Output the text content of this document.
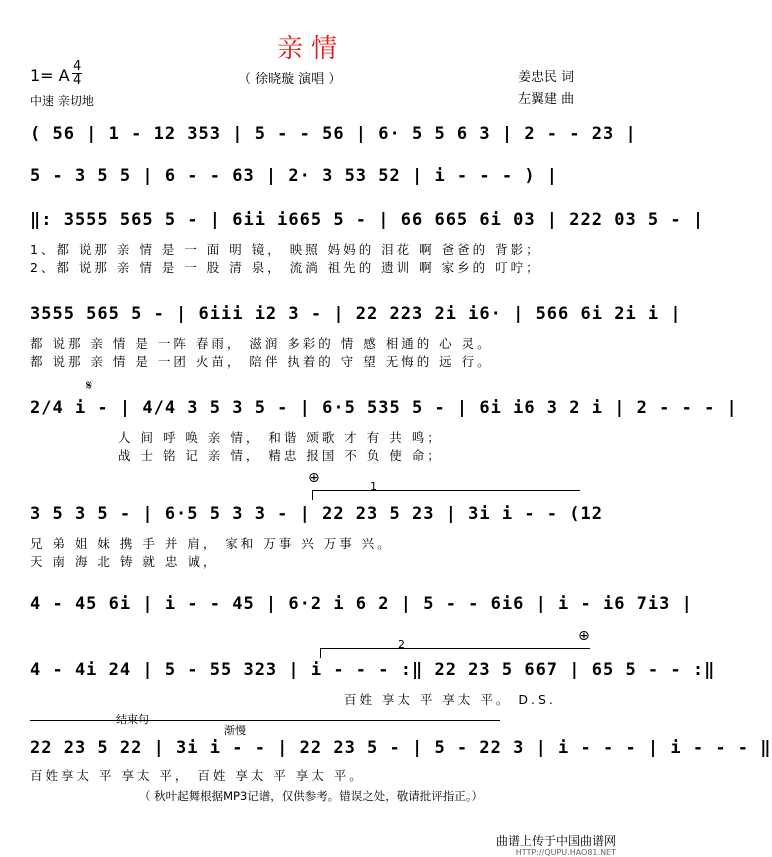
亲情
1= A 4
4
中速 亲切地
（ 徐晓璇 演唱 ）	姜忠民 词
左翼建 曲
( 56 | 1 - 12 353 | 5 - - 56 | 6· 5 5 6 3 | 2 - - 23 |
5 - 3 5 5 | 6 - - 63 | 2· 3 53 52 | i - - - ) |
‖: 3555 565 5 - | 6ii i665 5 - | 66 665 6i 03 | 222 03 5 - |
1、都 说那 亲 情 是 一 面 明 镜， 映照 妈妈的 泪花 啊 爸爸的 背影；
2、都 说那 亲 情 是 一 股 清 泉， 流淌 祖先的 遗训 啊 家乡的 叮咛；
3555 565 5 - | 6iii i2 3 - | 22 223 2i i6· | 566 6i 2i i |
都 说那 亲 情 是 一阵 春雨， 滋润 多彩的 情 感 相通的 心 灵。
都 说那 亲 情 是 一团 火苗， 陪伴 执着的 守 望 无悔的 远 行。
𝄋
2/4 i - | 4/4 3 5 3 5 - | 6·5 535 5 - | 6i i6 3 2 i | 2 - - - |
人 间 呼 唤 亲 情， 和谐 颂歌 才 有 共 鸣；
战 士 铭 记 亲 情， 精忠 报国 不 负 使 命；
⊕
1
3 5 3 5 - | 6·5 5 3 3 - | 22 23 5 23 | 3i i - - (12
兄 弟 姐 妹 携 手 并 肩， 家和 万事 兴 万事 兴。
天 南 海 北 铸 就 忠 诚，
4 - 45 6i | i - - 45 | 6·2 i 6 2 | 5 - - 6i6 | i - i6 7i3 |
⊕
2
4 - 4i 24 | 5 - 55 323 | i - - - :‖ 22 23 5 667 | 65 5 - - :‖
百姓 享太 平 享太 平。 D.S.
结束句
渐慢
22 23 5 22 | 3i i - - | 22 23 5 - | 5 - 22 3 | i - - - | i - - - ‖
百姓享太 平 享太 平， 百姓 享太 平 享太 平。
（ 秋叶起舞根据MP3记谱，仅供参考。错误之处，敬请批评指正。）
曲谱上传于中国曲谱网
HTTP://QUPU.HAO81.NET
